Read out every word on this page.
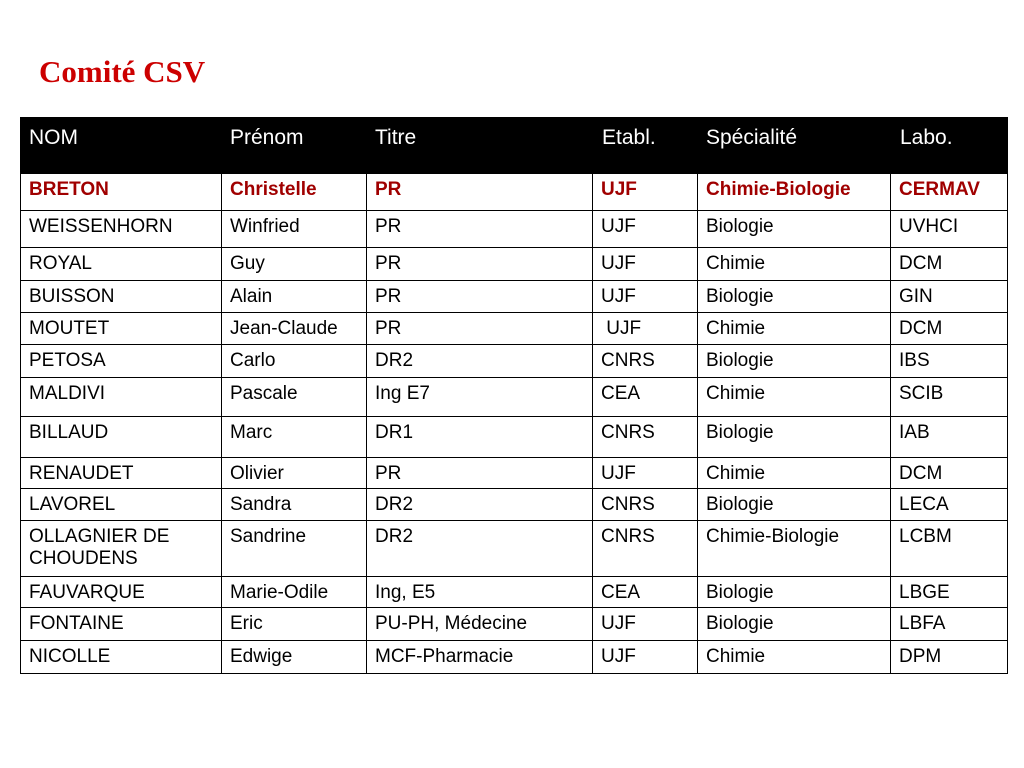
Comité CSV
NOM	Prénom	Titre	Etabl.	Spécialité	Labo.
BRETON	Christelle	PR	UJF	Chimie-Biologie	CERMAV
WEISSENHORN	Winfried	PR	UJF	Biologie	UVHCI
ROYAL	Guy	PR	UJF	Chimie	DCM
BUISSON	Alain	PR	UJF	Biologie	GIN
MOUTET	Jean-Claude	PR	UJF	Chimie	DCM
PETOSA	Carlo	DR2	CNRS	Biologie	IBS
MALDIVI	Pascale	Ing E7	CEA	Chimie	SCIB
BILLAUD	Marc	DR1	CNRS	Biologie	IAB
RENAUDET	Olivier	PR	UJF	Chimie	DCM
LAVOREL	Sandra	DR2	CNRS	Biologie	LECA
OLLAGNIER DE CHOUDENS	Sandrine	DR2	CNRS	Chimie-Biologie	LCBM
FAUVARQUE	Marie-Odile	Ing, E5	CEA	Biologie	LBGE
FONTAINE	Eric	PU-PH, Médecine	UJF	Biologie	LBFA
NICOLLE	Edwige	MCF-Pharmacie	UJF	Chimie	DPM
